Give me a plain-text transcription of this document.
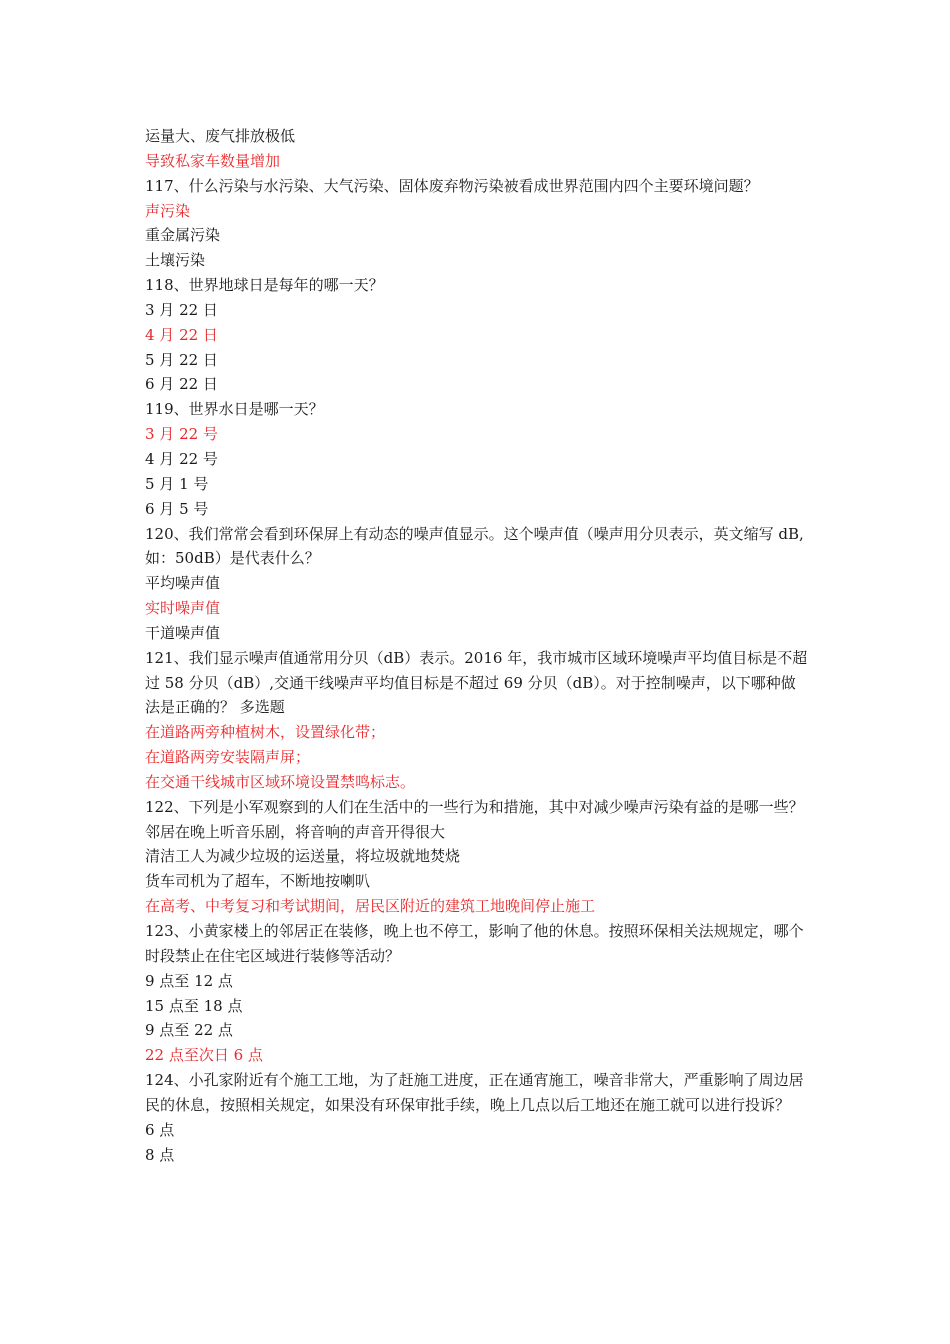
运量大、废气排放极低
导致私家车数量增加
117、什么污染与水污染、大气污染、固体废弃物污染被看成世界范围内四个主要环境问题？
声污染
重金属污染
土壤污染
118、世界地球日是每年的哪一天？
3 月 22 日
4 月 22 日
5 月 22 日
6 月 22 日
119、世界水日是哪一天？
3 月 22 号
4 月 22 号
5 月 1 号
6 月 5 号
120、我们常常会看到环保屏上有动态的噪声值显示。这个噪声值（噪声用分贝表示，英文缩写 dB,如：50dB）是代表什么？
平均噪声值
实时噪声值
干道噪声值
121、我们显示噪声值通常用分贝（dB）表示。2016 年，我市城市区域环境噪声平均值目标是不超过 58 分贝（dB）,交通干线噪声平均值目标是不超过 69 分贝（dB）。对于控制噪声，以下哪种做法是正确的？ 多选题
在道路两旁种植树木，设置绿化带；
在道路两旁安装隔声屏；
在交通干线城市区域环境设置禁鸣标志。
122、下列是小军观察到的人们在生活中的一些行为和措施，其中对减少噪声污染有益的是哪一些？
邻居在晚上听音乐剧，将音响的声音开得很大
清洁工人为减少垃圾的运送量，将垃圾就地焚烧
货车司机为了超车，不断地按喇叭
在高考、中考复习和考试期间，居民区附近的建筑工地晚间停止施工
123、小黄家楼上的邻居正在装修，晚上也不停工，影响了他的休息。按照环保相关法规规定，哪个时段禁止在住宅区域进行装修等活动？
9 点至 12 点
15 点至 18 点
9 点至 22 点
22 点至次日 6 点
124、小孔家附近有个施工工地，为了赶施工进度，正在通宵施工，噪音非常大，严重影响了周边居民的休息，按照相关规定，如果没有环保审批手续，晚上几点以后工地还在施工就可以进行投诉？
6 点
8 点
